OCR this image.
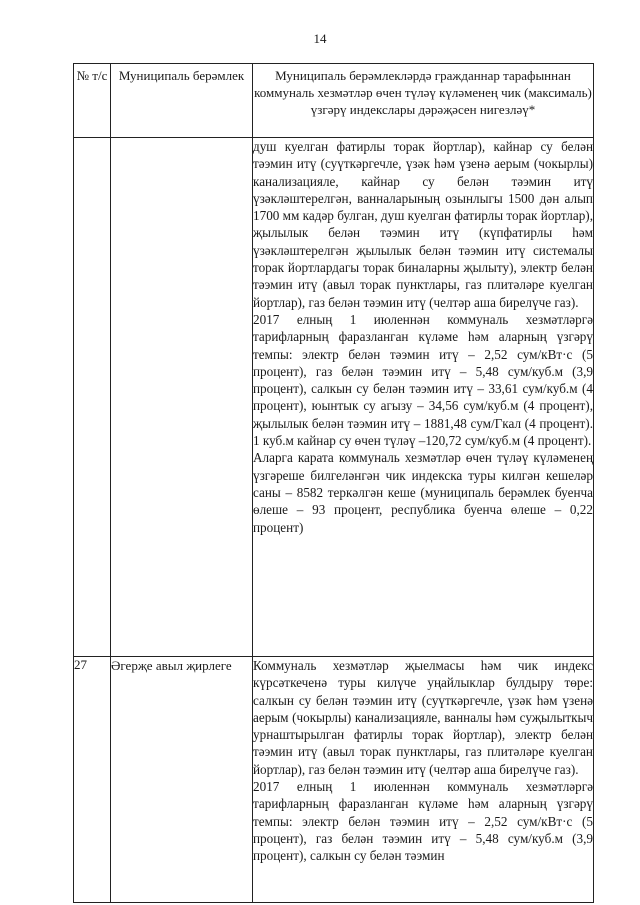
14
№ т/с	Муниципаль берәмлек	Муниципаль берәмлекләрдә гражданнар тарафыннан коммуналь хезмәтләр өчен түләү күләменең чик (максималь) үзгәрү индекслары дәрәҗәсен нигезләү*

		душ куелган фатирлы торак йортлар), кайнар су белән тәэмин итү (суүткәргечле, үзәк һәм үзенә аерым (чокырлы) канализацияле, кайнар су белән тәэмин итү үзәкләштерелгән, ванналарының озынлыгы 1500 дән алып 1700 мм кадәр булган, душ куелган фатирлы торак йортлар), җылылык белән тәэмин итү (күпфатирлы һәм үзәкләштерелгән җылылык белән тәэмин итү системалы торак йортлардагы торак биналарны җылыту), электр белән тәэмин итү (авыл торак пунктлары, газ плитәләре куелган йортлар), газ белән тәэмин итү (челтәр аша бирелүче газ).

2017 елның 1 июленнән коммуналь хезмәтләргә тарифларның фаразланган күләме һәм аларның үзгәрү темпы: электр белән тәэмин итү – 2,52 сум/кВт·с (5 процент), газ белән тәэмин итү – 5,48 сум/куб.м (3,9 процент), салкын су белән тәэмин итү – 33,61 сум/куб.м (4 процент), юынтык су агызу – 34,56 сум/куб.м (4 процент), җылылык белән тәэмин итү – 1881,48 сум/Гкал (4 процент). 1 куб.м кайнар су өчен түләү –120,72 сум/куб.м (4 процент).

Аларга карата коммуналь хезмәтләр өчен түләү күләменең үзгәреше билгеләнгән чик индекска туры килгән кешеләр саны – 8582 теркәлгән кеше (муниципаль берәмлек буенча өлеше – 93 процент, республика буенча өлеше – 0,22 процент)

27	Әгерҗе авыл җирлеге	Коммуналь хезмәтләр җыелмасы һәм чик индекс күрсәткеченә туры килүче уңайлыклар булдыру төре: салкын су белән тәэмин итү (суүткәргечле, үзәк һәм үзенә аерым (чокырлы) канализацияле, ванналы һәм суҗылыткыч урнаштырылган фатирлы торак йортлар), электр белән тәэмин итү (авыл торак пунктлары, газ плитәләре куелган йортлар), газ белән тәэмин итү (челтәр аша бирелүче газ).

2017 елның 1 июленнән коммуналь хезмәтләргә тарифларның фаразланган күләме һәм аларның үзгәрү темпы: электр белән тәэмин итү – 2,52 сум/кВт·с (5 процент), газ белән тәэмин итү – 5,48 сум/куб.м (3,9 процент), салкын су белән тәэмин
